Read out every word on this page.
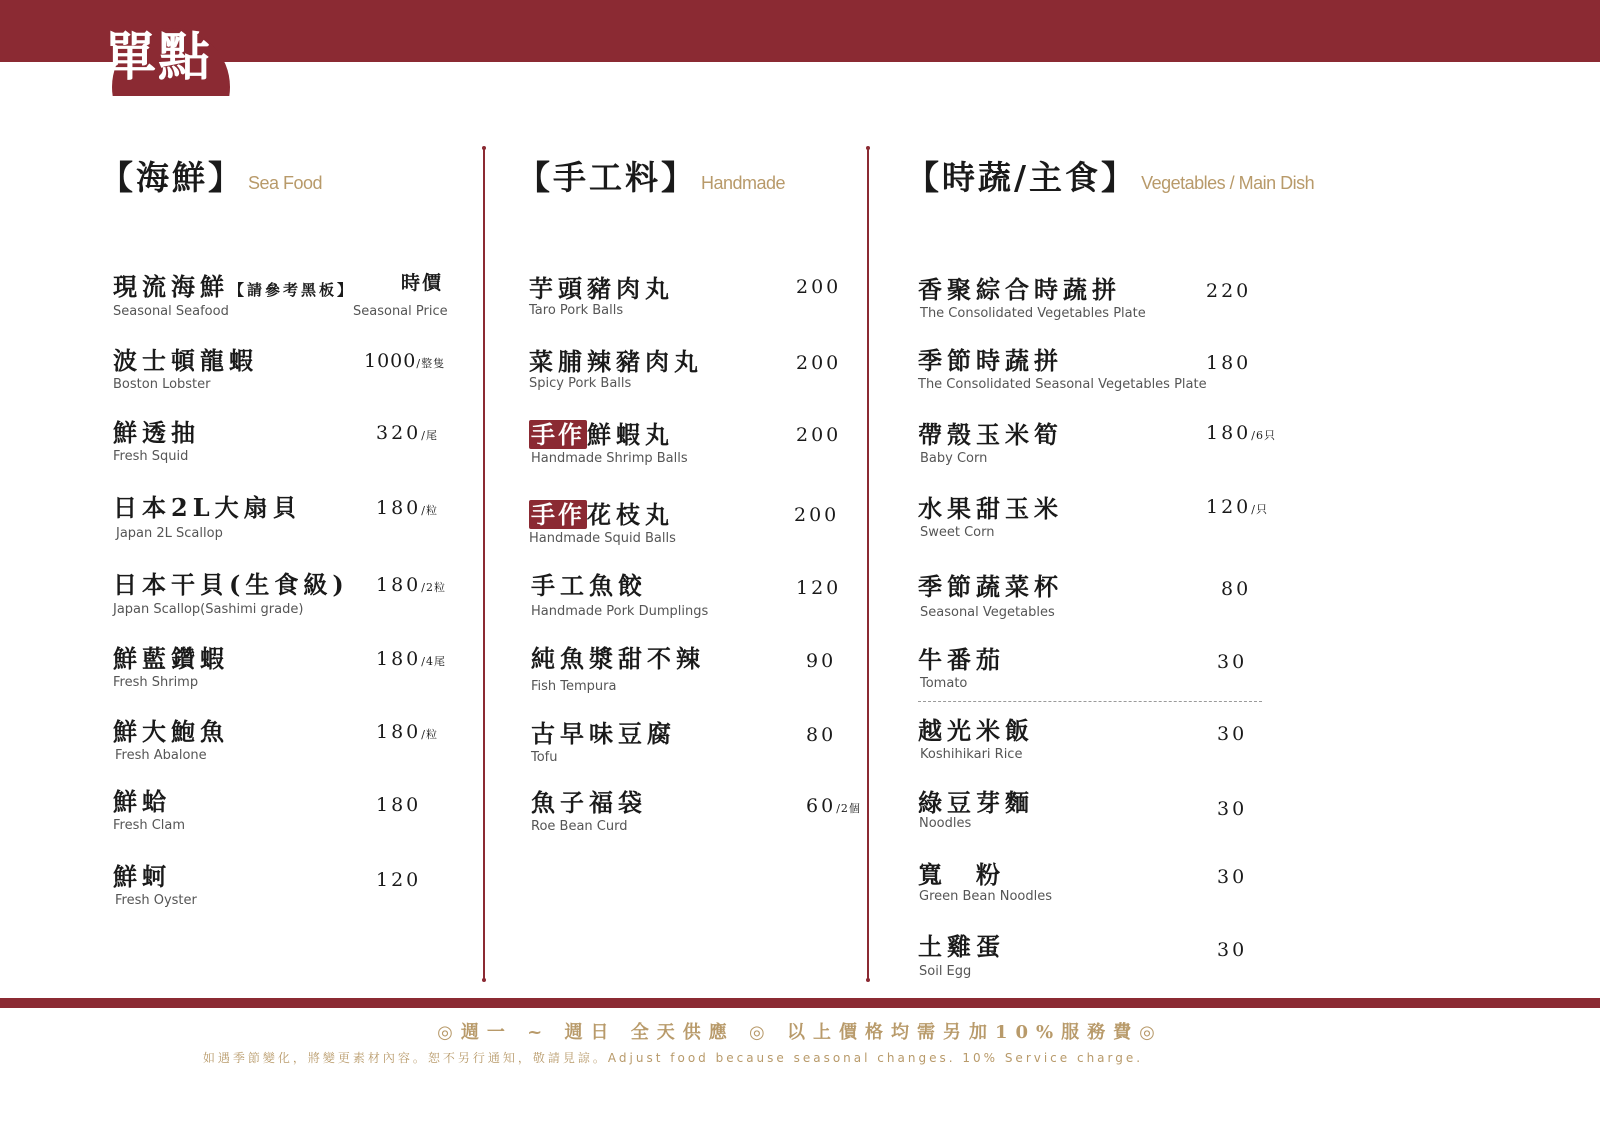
單點
【海鮮】 Sea Food
現流海鮮【請參考黑板】
Seasonal Seafood
時價
Seasonal Price
波士頓龍蝦
Boston Lobster
1000/整隻
鮮透抽
Fresh Squid
320/尾
日本2L大扇貝
Japan 2L Scallop
180/粒
日本干貝(生食級)
Japan Scallop(Sashimi grade)
180/2粒
鮮藍鑽蝦
Fresh Shrimp
180/4尾
鮮大鮑魚
Fresh Abalone
180/粒
鮮蛤
Fresh Clam
180
鮮蚵
Fresh Oyster
120
【手工料】 Handmade
芋頭豬肉丸
Taro Pork Balls
200
菜脯辣豬肉丸
Spicy Pork Balls
200
手作鮮蝦丸
Handmade Shrimp Balls
200
手作花枝丸
Handmade Squid Balls
200
手工魚餃
Handmade Pork Dumplings
120
純魚漿甜不辣
Fish Tempura
90
古早味豆腐
Tofu
80
魚子福袋
Roe Bean Curd
60/2個
【時蔬/主食】 Vegetables / Main Dish
香聚綜合時蔬拼
The Consolidated Vegetables Plate
220
季節時蔬拼
The Consolidated Seasonal Vegetables Plate
180
帶殼玉米筍
Baby Corn
180/6只
水果甜玉米
Sweet Corn
120/只
季節蔬菜杯
Seasonal Vegetables
80
牛番茄
Tomato
30
越光米飯
Koshihikari Rice
30
綠豆芽麵
Noodles
30
寬　粉
Green Bean Noodles
30
土雞蛋
Soil Egg
30
◎週一 ~ 週日 全天供應 ◎ 以上價格均需另加10%服務費◎
如遇季節變化，將變更素材內容。恕不另行通知，敬請見諒。Adjust food because seasonal changes. 10% Service charge.
